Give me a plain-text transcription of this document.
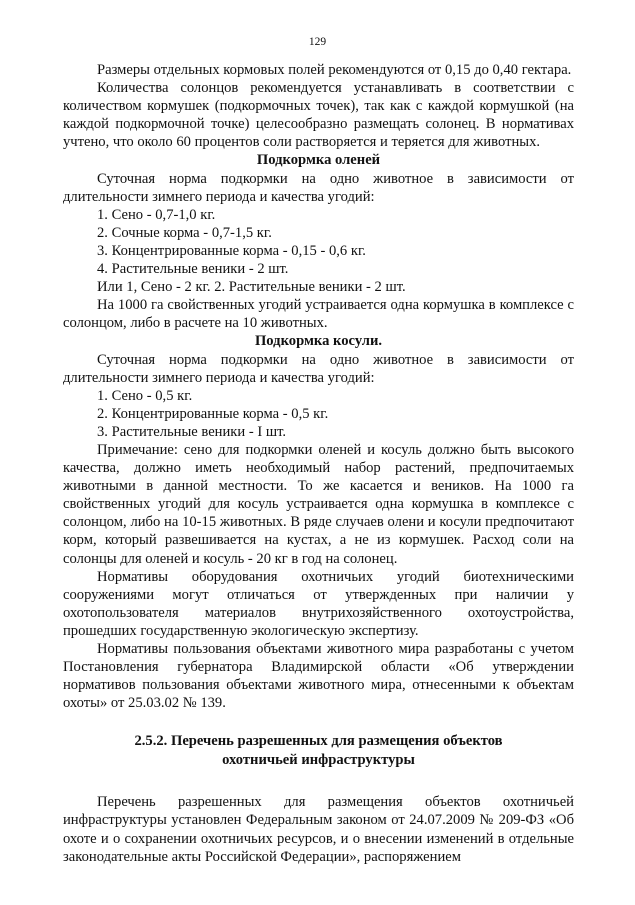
129

Размеры отдельных кормовых полей рекомендуются от 0,15 до 0,40 гектара.

Количества солонцов рекомендуется устанавливать в соответствии с количеством кормушек (подкормочных точек), так как с каждой кормушкой (на каждой подкормочной точке) целесообразно размещать солонец. В нормативах учтено, что около 60 процентов соли растворяется и теряется для животных.

Подкормка оленей

Суточная норма подкормки на одно животное в зависимости от длительности зимнего периода и качества угодий:

1. Сено - 0,7-1,0 кг.

2. Сочные корма - 0,7-1,5 кг.

3. Концентрированные корма - 0,15 - 0,6 кг.

4. Растительные веники - 2 шт.

Или 1, Сено - 2 кг. 2. Растительные веники - 2 шт.

На 1000 га свойственных угодий устраивается одна кормушка в комплексе с солонцом, либо в расчете на 10 животных.

Подкормка косули.

Суточная норма подкормки на одно животное в зависимости от длительности зимнего периода и качества угодий:

1. Сено - 0,5 кг.

2. Концентрированные корма - 0,5 кг.

3. Растительные веники - I шт.

Примечание: сено для подкормки оленей и косуль должно быть высокого качества, должно иметь необходимый набор растений, предпочитаемых животными в данной местности. То же касается и веников. На 1000 га свойственных угодий для косуль устраивается одна кормушка в комплексе с солонцом, либо на 10-15 животных. В ряде случаев олени и косули предпочитают корм, который развешивается на кустах, а не из кормушек. Расход соли на солонцы для оленей и косуль - 20 кг в год на солонец.

Нормативы оборудования охотничьих угодий биотехническими сооружениями могут отличаться от утвержденных при наличии у охотопользователя материалов внутрихозяйственного охотоустройства, прошедших государственную экологическую экспертизу.

Нормативы пользования объектами животного мира разработаны с учетом Постановления губернатора Владимирской области «Об утверждении нормативов пользования объектами животного мира, отнесенными к объектам охоты» от 25.03.02 № 139.

2.5.2. Перечень разрешенных для размещения объектов
охотничьей инфраструктуры

Перечень разрешенных для размещения объектов охотничьей инфраструктуры установлен Федеральным законом от 24.07.2009 № 209-ФЗ «Об охоте и о сохранении охотничьих ресурсов, и о внесении изменений в отдельные законодательные акты Российской Федерации», распоряжением
